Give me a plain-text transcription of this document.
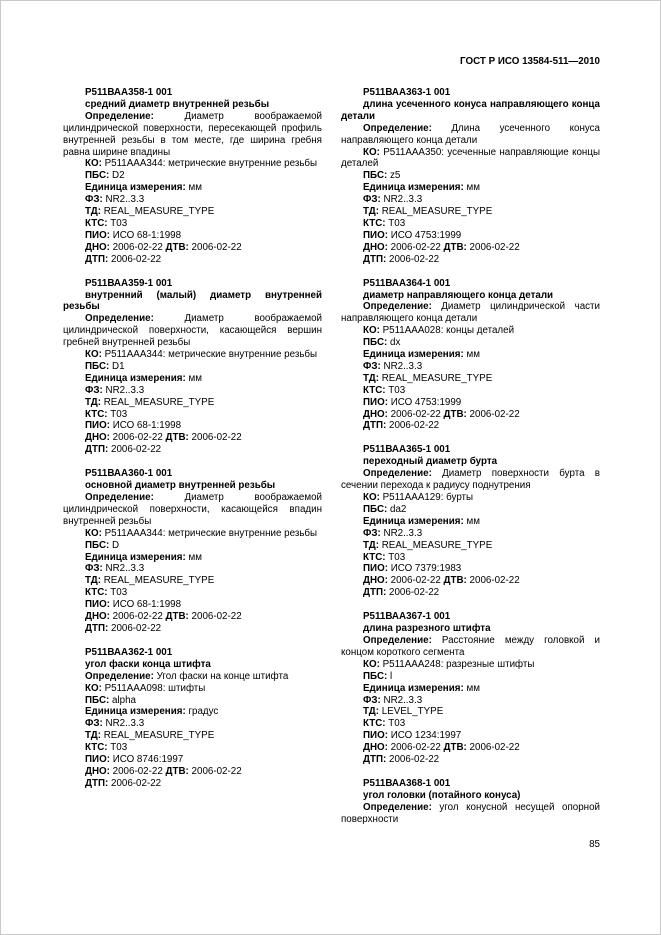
ГОСТ Р ИСО 13584-511—2010

Р511ВАА358-1 001

средний диаметр внутренней резьбы

Определение: Диаметр воображаемой цилиндрической поверхности, пересекающей профиль внутренней резьбы в том месте, где ширина гребня равна ширине впадины

КО: Р511ААА344: метрические внутренние резьбы

ПБС: D2

Единица измерения: мм

ФЗ: NR2..3.3

ТД: REAL_MEASURE_TYPE

КТС: Т03

ПИО: ИСО 68-1:1998

ДНО: 2006-02-22 ДТВ: 2006-02-22

ДТП: 2006-02-22

Р511ВАА359-1 001

внутренний (малый) диаметр внутренней резьбы

Определение: Диаметр воображаемой цилиндрической поверхности, касающейся вершин гребней внутренней резьбы

КО: Р511ААА344: метрические внутренние резьбы

ПБС: D1

Единица измерения: мм

ФЗ: NR2..3.3

ТД: REAL_MEASURE_TYPE

КТС: Т03

ПИО: ИСО 68-1:1998

ДНО: 2006-02-22 ДТВ: 2006-02-22

ДТП: 2006-02-22

Р511ВАА360-1 001

основной диаметр внутренней резьбы

Определение: Диаметр воображаемой цилиндрической поверхности, касающейся впадин внутренней резьбы

КО: Р511ААА344: метрические внутренние резьбы

ПБС: D

Единица измерения: мм

ФЗ: NR2..3.3

ТД: REAL_MEASURE_TYPE

КТС: Т03

ПИО: ИСО 68-1:1998

ДНО: 2006-02-22 ДТВ: 2006-02-22

ДТП: 2006-02-22

Р511ВАА362-1 001

угол фаски конца штифта

Определение: Угол фаски на конце штифта

КО: Р511ААА098: штифты

ПБС: alpha

Единица измерения: градус

ФЗ: NR2..3.3

ТД: REAL_MEASURE_TYPE

КТС: Т03

ПИО: ИСО 8746:1997

ДНО: 2006-02-22 ДТВ: 2006-02-22

ДТП: 2006-02-22

Р511ВАА363-1 001

длина усеченного конуса направляющего конца детали

Определение: Длина усеченного конуса направляющего конца детали

КО: Р511ААА350: усеченные направляющие концы деталей

ПБС: z5

Единица измерения: мм

ФЗ: NR2..3.3

ТД: REAL_MEASURE_TYPE

КТС: Т03

ПИО: ИСО 4753:1999

ДНО: 2006-02-22 ДТВ: 2006-02-22

ДТП: 2006-02-22

Р511ВАА364-1 001

диаметр направляющего конца детали

Определение: Диаметр цилиндрической части направляющего конца детали

КО: Р511ААА028: концы деталей

ПБС: dx

Единица измерения: мм

ФЗ: NR2..3.3

ТД: REAL_MEASURE_TYPE

КТС: Т03

ПИО: ИСО 4753:1999

ДНО: 2006-02-22 ДТВ: 2006-02-22

ДТП: 2006-02-22

Р511ВАА365-1 001

переходный диаметр бурта

Определение: Диаметр поверхности бурта в сечении перехода к радиусу поднутрения

КО: Р511ААА129: бурты

ПБС: da2

Единица измерения: мм

ФЗ: NR2..3.3

ТД: REAL_MEASURE_TYPE

КТС: Т03

ПИО: ИСО 7379:1983

ДНО: 2006-02-22 ДТВ: 2006-02-22

ДТП: 2006-02-22

Р511ВАА367-1 001

длина разрезного штифта

Определение: Расстояние между головкой и концом короткого сегмента

КО: Р511ААА248: разрезные штифты

ПБС: l

Единица измерения: мм

ФЗ: NR2..3.3

ТД: LEVEL_TYPE

КТС: Т03

ПИО: ИСО 1234:1997

ДНО: 2006-02-22 ДТВ: 2006-02-22

ДТП: 2006-02-22

Р511ВАА368-1 001

угол головки (потайного конуса)

Определение: угол конусной несущей опорной поверхности

85
